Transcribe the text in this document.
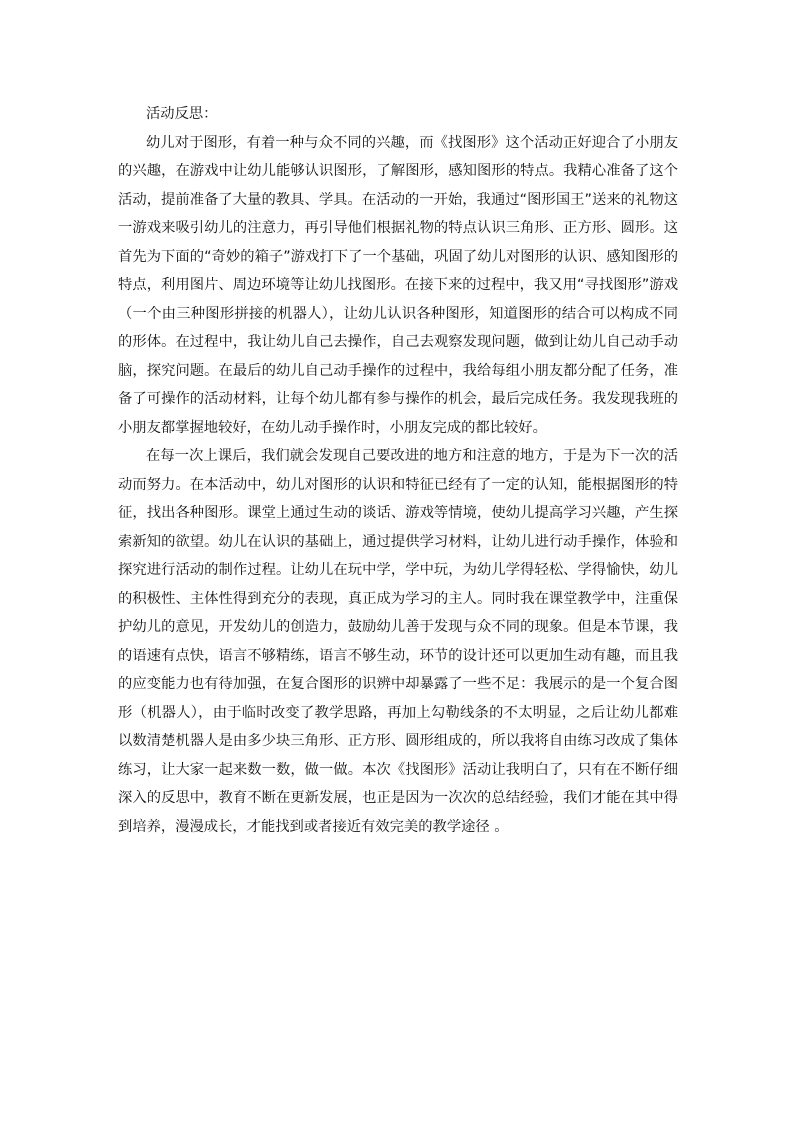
活动反思：

幼儿对于图形，有着一种与众不同的兴趣，而《找图形》这个活动正好迎合了小朋友的兴趣，在游戏中让幼儿能够认识图形，了解图形，感知图形的特点。我精心准备了这个活动，提前准备了大量的教具、学具。在活动的一开始，我通过“图形国王”送来的礼物这一游戏来吸引幼儿的注意力，再引导他们根据礼物的特点认识三角形、正方形、圆形。这首先为下面的“奇妙的箱子”游戏打下了一个基础，巩固了幼儿对图形的认识、感知图形的特点，利用图片、周边环境等让幼儿找图形。在接下来的过程中，我又用“寻找图形”游戏（一个由三种图形拼接的机器人），让幼儿认识各种图形，知道图形的结合可以构成不同的形体。在过程中，我让幼儿自己去操作，自己去观察发现问题，做到让幼儿自己动手动脑，探究问题。在最后的幼儿自己动手操作的过程中，我给每组小朋友都分配了任务，准备了可操作的活动材料，让每个幼儿都有参与操作的机会，最后完成任务。我发现我班的小朋友都掌握地较好，在幼儿动手操作时，小朋友完成的都比较好。

在每一次上课后，我们就会发现自己要改进的地方和注意的地方，于是为下一次的活动而努力。在本活动中，幼儿对图形的认识和特征已经有了一定的认知，能根据图形的特征，找出各种图形。课堂上通过生动的谈话、游戏等情境，使幼儿提高学习兴趣，产生探索新知的欲望。幼儿在认识的基础上，通过提供学习材料，让幼儿进行动手操作，体验和探究进行活动的制作过程。让幼儿在玩中学，学中玩，为幼儿学得轻松、学得愉快，幼儿的积极性、主体性得到充分的表现，真正成为学习的主人。同时我在课堂教学中，注重保护幼儿的意见，开发幼儿的创造力，鼓励幼儿善于发现与众不同的现象。但是本节课，我的语速有点快，语言不够精练，语言不够生动，环节的设计还可以更加生动有趣，而且我的应变能力也有待加强，在复合图形的识辨中却暴露了一些不足：我展示的是一个复合图形（机器人），由于临时改变了教学思路，再加上勾勒线条的不太明显，之后让幼儿都难以数清楚机器人是由多少块三角形、正方形、圆形组成的，所以我将自由练习改成了集体练习，让大家一起来数一数，做一做。本次《找图形》活动让我明白了，只有在不断仔细深入的反思中，教育不断在更新发展，也正是因为一次次的总结经验，我们才能在其中得到培养，漫漫成长，才能找到或者接近有效完美的教学途径 。
